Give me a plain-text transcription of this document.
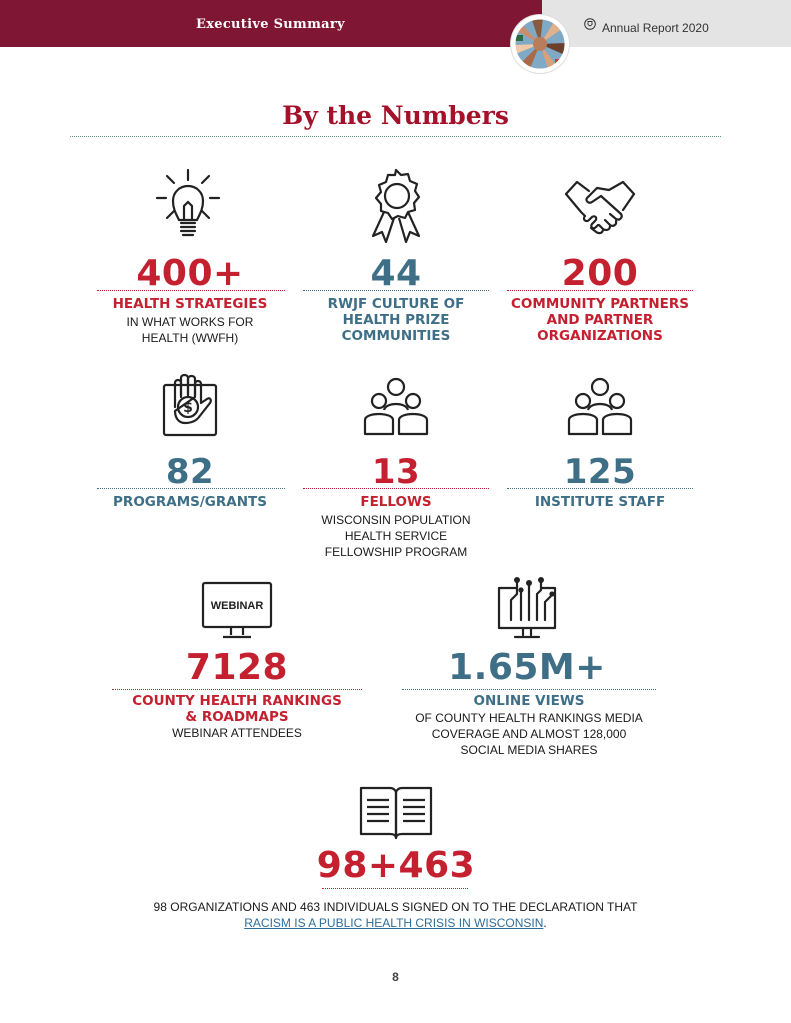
Executive Summary	Annual Report 2020
By the Numbers
400+
HEALTH STRATEGIES
IN WHAT WORKS FOR
HEALTH (WWFH)
44
RWJF CULTURE OF
HEALTH PRIZE
COMMUNITIES
200
COMMUNITY PARTNERS
AND PARTNER
ORGANIZATIONS
$
82
PROGRAMS/GRANTS
13
FELLOWS
WISCONSIN POPULATION
HEALTH SERVICE
FELLOWSHIP PROGRAM
125
INSTITUTE STAFF
WEBINAR
7128
COUNTY HEALTH RANKINGS
& ROADMAPS
WEBINAR ATTENDEES
1.65M+
ONLINE VIEWS
OF COUNTY HEALTH RANKINGS MEDIA
COVERAGE AND ALMOST 128,000
SOCIAL MEDIA SHARES
98+463
98 ORGANIZATIONS AND 463 INDIVIDUALS SIGNED ON TO THE DECLARATION THAT
RACISM IS A PUBLIC HEALTH CRISIS IN WISCONSIN.
8
